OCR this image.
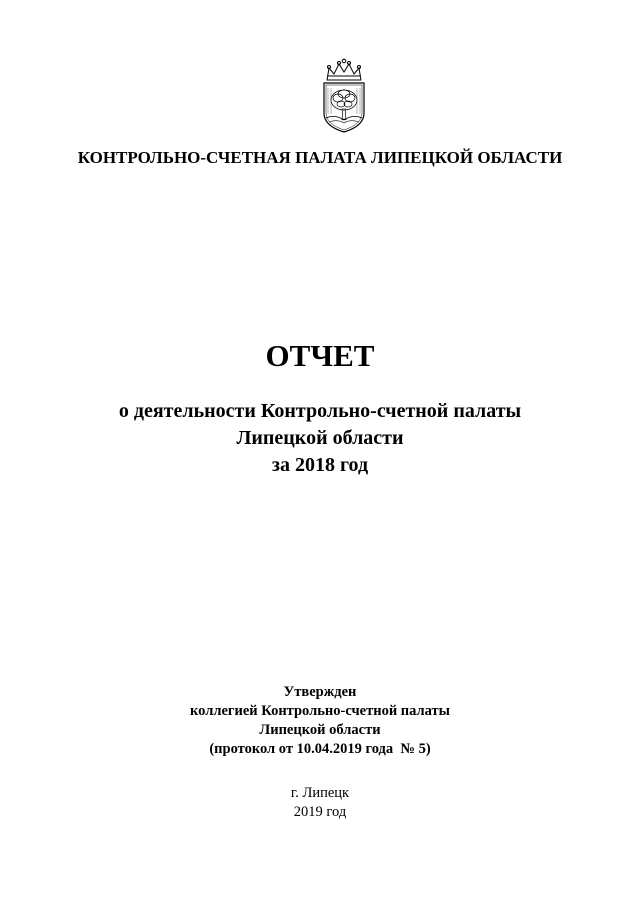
КОНТРОЛЬНО-СЧЕТНАЯ ПАЛАТА ЛИПЕЦКОЙ ОБЛАСТИ
ОТЧЕТ
о деятельности Контрольно-счетной палаты
Липецкой области
за 2018 год
Утвержден
коллегией Контрольно-счетной палаты
Липецкой области
(протокол от 10.04.2019 года  № 5)
г. Липецк
2019 год
